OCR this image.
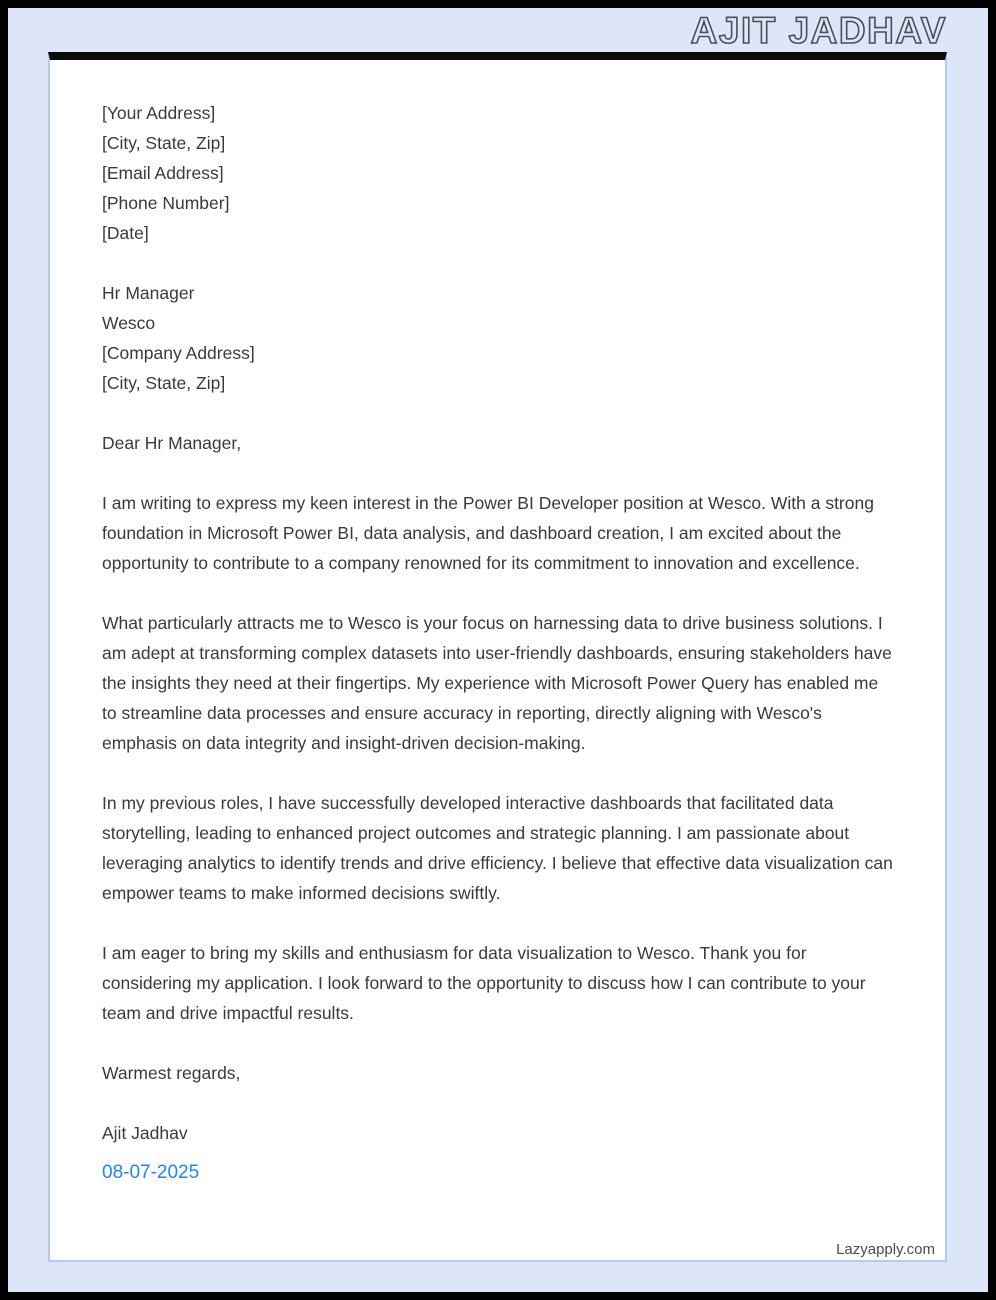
AJIT JADHAV
[Your Address]
[City, State, Zip]
[Email Address]
[Phone Number]
[Date]
Hr Manager
Wesco
[Company Address]
[City, State, Zip]
Dear Hr Manager,

I am writing to express my keen interest in the Power BI Developer position at Wesco. With a strong foundation in Microsoft Power BI, data analysis, and dashboard creation, I am excited about the opportunity to contribute to a company renowned for its commitment to innovation and excellence.

What particularly attracts me to Wesco is your focus on harnessing data to drive business solutions. I am adept at transforming complex datasets into user-friendly dashboards, ensuring stakeholders have the insights they need at their fingertips. My experience with Microsoft Power Query has enabled me to streamline data processes and ensure accuracy in reporting, directly aligning with Wesco's emphasis on data integrity and insight-driven decision-making.

In my previous roles, I have successfully developed interactive dashboards that facilitated data storytelling, leading to enhanced project outcomes and strategic planning. I am passionate about leveraging analytics to identify trends and drive efficiency. I believe that effective data visualization can empower teams to make informed decisions swiftly.

I am eager to bring my skills and enthusiasm for data visualization to Wesco. Thank you for considering my application. I look forward to the opportunity to discuss how I can contribute to your team and drive impactful results.

Warmest regards,
Ajit Jadhav
08-07-2025
Lazyapply.com
